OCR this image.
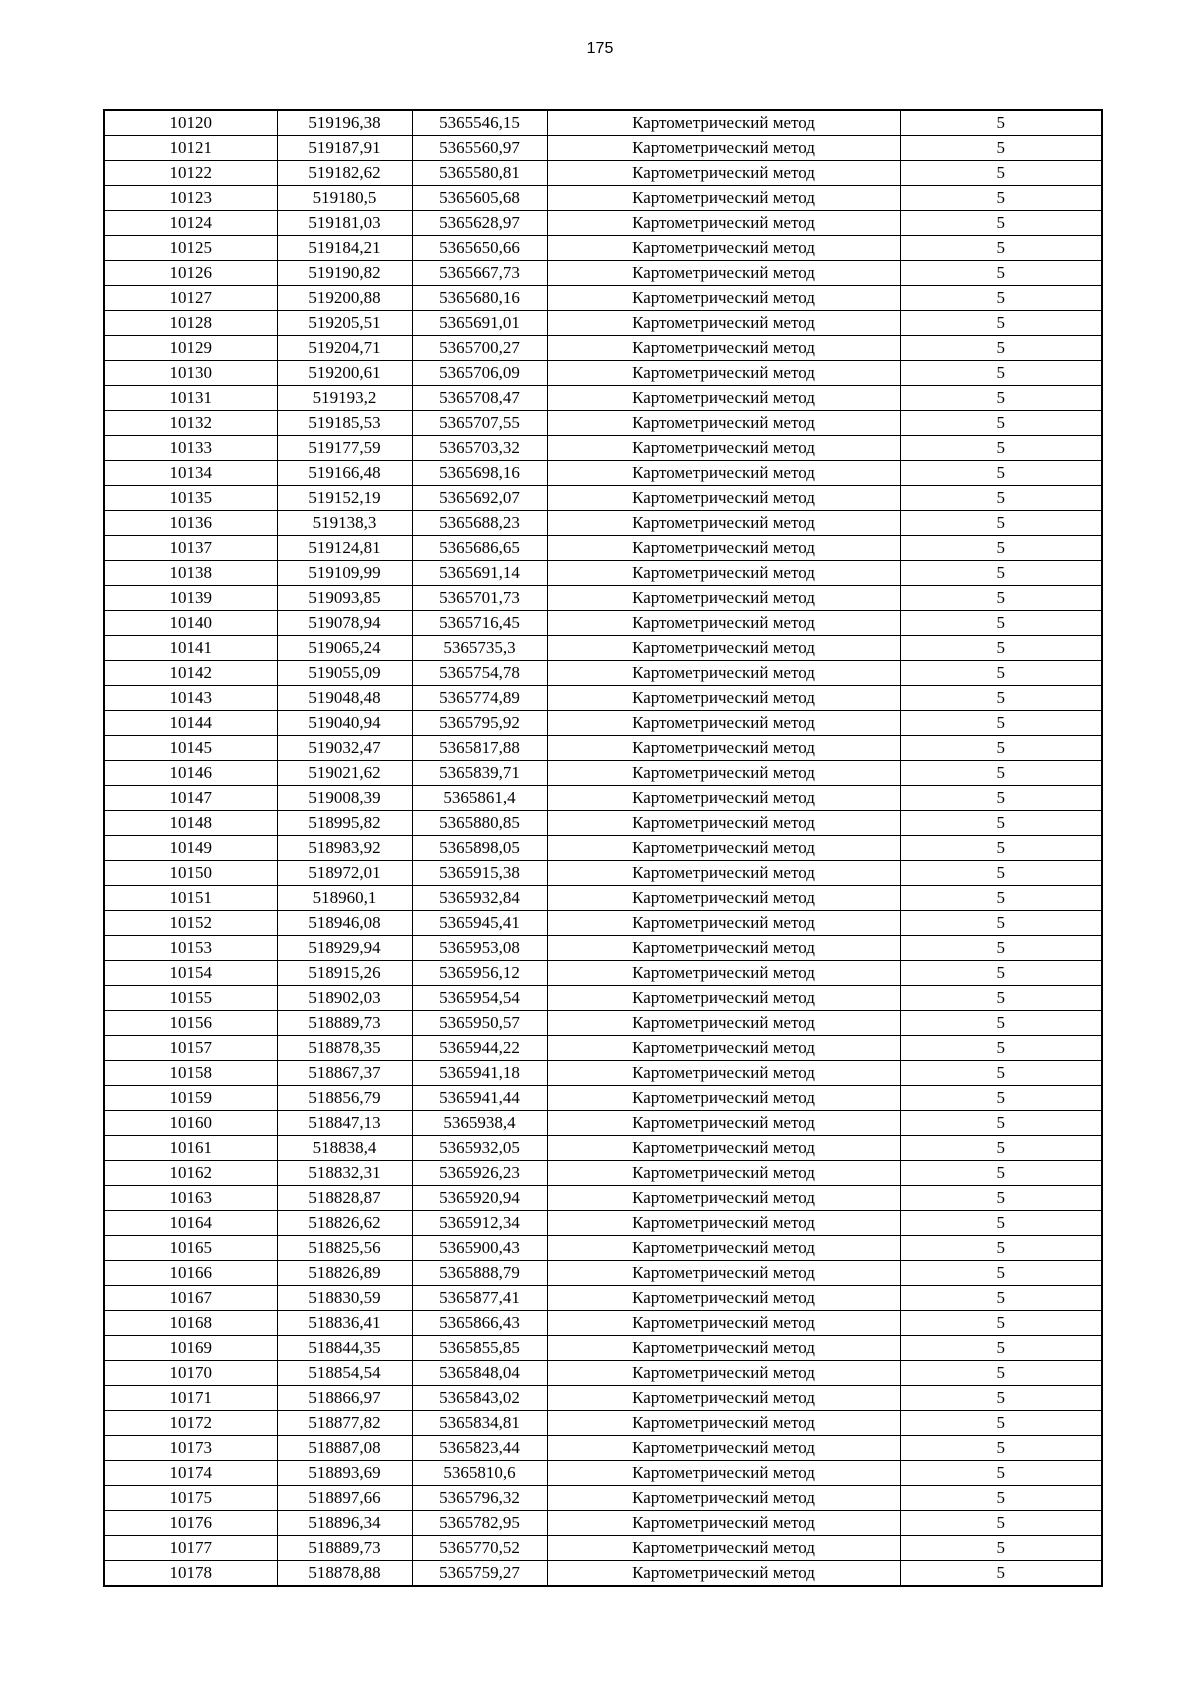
175
10120	519196,38	5365546,15	Картометрический метод	5
10121	519187,91	5365560,97	Картометрический метод	5
10122	519182,62	5365580,81	Картометрический метод	5
10123	519180,5	5365605,68	Картометрический метод	5
10124	519181,03	5365628,97	Картометрический метод	5
10125	519184,21	5365650,66	Картометрический метод	5
10126	519190,82	5365667,73	Картометрический метод	5
10127	519200,88	5365680,16	Картометрический метод	5
10128	519205,51	5365691,01	Картометрический метод	5
10129	519204,71	5365700,27	Картометрический метод	5
10130	519200,61	5365706,09	Картометрический метод	5
10131	519193,2	5365708,47	Картометрический метод	5
10132	519185,53	5365707,55	Картометрический метод	5
10133	519177,59	5365703,32	Картометрический метод	5
10134	519166,48	5365698,16	Картометрический метод	5
10135	519152,19	5365692,07	Картометрический метод	5
10136	519138,3	5365688,23	Картометрический метод	5
10137	519124,81	5365686,65	Картометрический метод	5
10138	519109,99	5365691,14	Картометрический метод	5
10139	519093,85	5365701,73	Картометрический метод	5
10140	519078,94	5365716,45	Картометрический метод	5
10141	519065,24	5365735,3	Картометрический метод	5
10142	519055,09	5365754,78	Картометрический метод	5
10143	519048,48	5365774,89	Картометрический метод	5
10144	519040,94	5365795,92	Картометрический метод	5
10145	519032,47	5365817,88	Картометрический метод	5
10146	519021,62	5365839,71	Картометрический метод	5
10147	519008,39	5365861,4	Картометрический метод	5
10148	518995,82	5365880,85	Картометрический метод	5
10149	518983,92	5365898,05	Картометрический метод	5
10150	518972,01	5365915,38	Картометрический метод	5
10151	518960,1	5365932,84	Картометрический метод	5
10152	518946,08	5365945,41	Картометрический метод	5
10153	518929,94	5365953,08	Картометрический метод	5
10154	518915,26	5365956,12	Картометрический метод	5
10155	518902,03	5365954,54	Картометрический метод	5
10156	518889,73	5365950,57	Картометрический метод	5
10157	518878,35	5365944,22	Картометрический метод	5
10158	518867,37	5365941,18	Картометрический метод	5
10159	518856,79	5365941,44	Картометрический метод	5
10160	518847,13	5365938,4	Картометрический метод	5
10161	518838,4	5365932,05	Картометрический метод	5
10162	518832,31	5365926,23	Картометрический метод	5
10163	518828,87	5365920,94	Картометрический метод	5
10164	518826,62	5365912,34	Картометрический метод	5
10165	518825,56	5365900,43	Картометрический метод	5
10166	518826,89	5365888,79	Картометрический метод	5
10167	518830,59	5365877,41	Картометрический метод	5
10168	518836,41	5365866,43	Картометрический метод	5
10169	518844,35	5365855,85	Картометрический метод	5
10170	518854,54	5365848,04	Картометрический метод	5
10171	518866,97	5365843,02	Картометрический метод	5
10172	518877,82	5365834,81	Картометрический метод	5
10173	518887,08	5365823,44	Картометрический метод	5
10174	518893,69	5365810,6	Картометрический метод	5
10175	518897,66	5365796,32	Картометрический метод	5
10176	518896,34	5365782,95	Картометрический метод	5
10177	518889,73	5365770,52	Картометрический метод	5
10178	518878,88	5365759,27	Картометрический метод	5
